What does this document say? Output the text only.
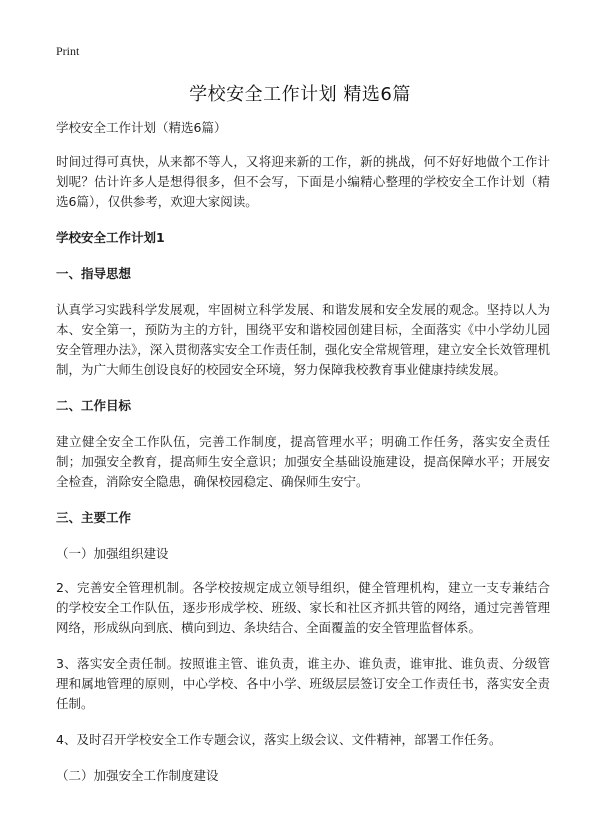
Print
学校安全工作计划 精选6篇

学校安全工作计划（精选6篇）

时间过得可真快，从来都不等人，又将迎来新的工作，新的挑战，何不好好地做个工作计划呢？估计许多人是想得很多，但不会写，下面是小编精心整理的学校安全工作计划（精选6篇），仅供参考，欢迎大家阅读。

学校安全工作计划1

一、指导思想

认真学习实践科学发展观，牢固树立科学发展、和谐发展和安全发展的观念。坚持以人为本、安全第一，预防为主的方针，围绕平安和谐校园创建目标，全面落实《中小学幼儿园安全管理办法》，深入贯彻落实安全工作责任制，强化安全常规管理，建立安全长效管理机制，为广大师生创设良好的校园安全环境，努力保障我校教育事业健康持续发展。

二、工作目标

建立健全安全工作队伍，完善工作制度，提高管理水平；明确工作任务，落实安全责任制；加强安全教育，提高师生安全意识；加强安全基础设施建设，提高保障水平；开展安全检查，消除安全隐患，确保校园稳定、确保师生安宁。

三、主要工作

（一）加强组织建设

2、完善安全管理机制。各学校按规定成立领导组织，健全管理机构，建立一支专兼结合的学校安全工作队伍，逐步形成学校、班级、家长和社区齐抓共管的网络，通过完善管理网络，形成纵向到底、横向到边、条块结合、全面覆盖的安全管理监督体系。

3、落实安全责任制。按照谁主管、谁负责，谁主办、谁负责，谁审批、谁负责、分级管理和属地管理的原则，中心学校、各中小学、班级层层签订安全工作责任书，落实安全责任制。

4、及时召开学校安全工作专题会议，落实上级会议、文件精神，部署工作任务。

（二）加强安全工作制度建设
